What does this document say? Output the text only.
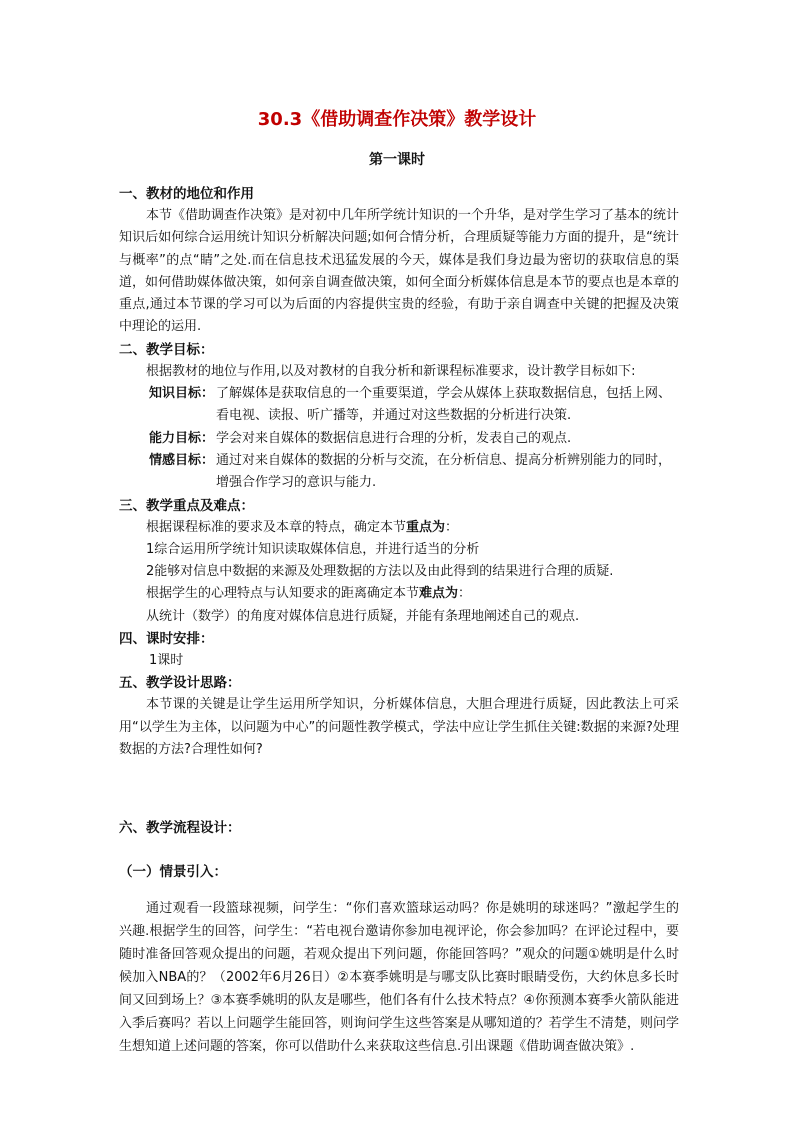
30.3《借助调查作决策》教学设计
第一课时

一、教材的地位和作用

本节《借助调查作决策》是对初中几年所学统计知识的一个升华，是对学生学习了基本的统计知识后如何综合运用统计知识分析解决问题;如何合情分析，合理质疑等能力方面的提升，是“统计与概率”的点“睛”之处.而在信息技术迅猛发展的今天，媒体是我们身边最为密切的获取信息的渠道，如何借助媒体做决策，如何亲自调查做决策，如何全面分析媒体信息是本节的要点也是本章的重点,通过本节课的学习可以为后面的内容提供宝贵的经验，有助于亲自调查中关键的把握及决策中理论的运用.

二、教学目标：

根据教材的地位与作用,以及对教材的自我分析和新课程标准要求，设计教学目标如下:

知识目标： 了解媒体是获取信息的一个重要渠道，学会从媒体上获取数据信息，包括上网、看电视、读报、听广播等，并通过对这些数据的分析进行决策.
能力目标： 学会对来自媒体的数据信息进行合理的分析，发表自己的观点.
情感目标： 通过对来自媒体的数据的分析与交流，在分析信息、提高分析辨别能力的同时，增强合作学习的意识与能力.

三、教学重点及难点：

根据课程标准的要求及本章的特点，确定本节重点为：

1综合运用所学统计知识读取媒体信息，并进行适当的分析

2能够对信息中数据的来源及处理数据的方法以及由此得到的结果进行合理的质疑.

根据学生的心理特点与认知要求的距离确定本节难点为：

从统计（数学）的角度对媒体信息进行质疑，并能有条理地阐述自己的观点.

四、课时安排：

1课时

五、教学设计思路：

本节课的关键是让学生运用所学知识，分析媒体信息，大胆合理进行质疑，因此教法上可采用“以学生为主体，以问题为中心”的问题性教学模式，学法中应让学生抓住关键:数据的来源?处理数据的方法?合理性如何?

六、教学流程设计：

（一）情景引入：

通过观看一段篮球视频，问学生：“你们喜欢篮球运动吗？你是姚明的球迷吗？”激起学生的兴趣.根据学生的回答，问学生：“若电视台邀请你参加电视评论，你会参加吗？在评论过程中，要随时准备回答观众提出的问题，若观众提出下列问题，你能回答吗？”观众的问题①姚明是什么时候加入NBA的？（2002年6月26日）②本赛季姚明是与哪支队比赛时眼睛受伤，大约休息多长时间又回到场上？③本赛季姚明的队友是哪些，他们各有什么技术特点？④你预测本赛季火箭队能进入季后赛吗？若以上问题学生能回答，则询问学生这些答案是从哪知道的？若学生不清楚，则问学生想知道上述问题的答案，你可以借助什么来获取这些信息.引出课题《借助调查做决策》.
